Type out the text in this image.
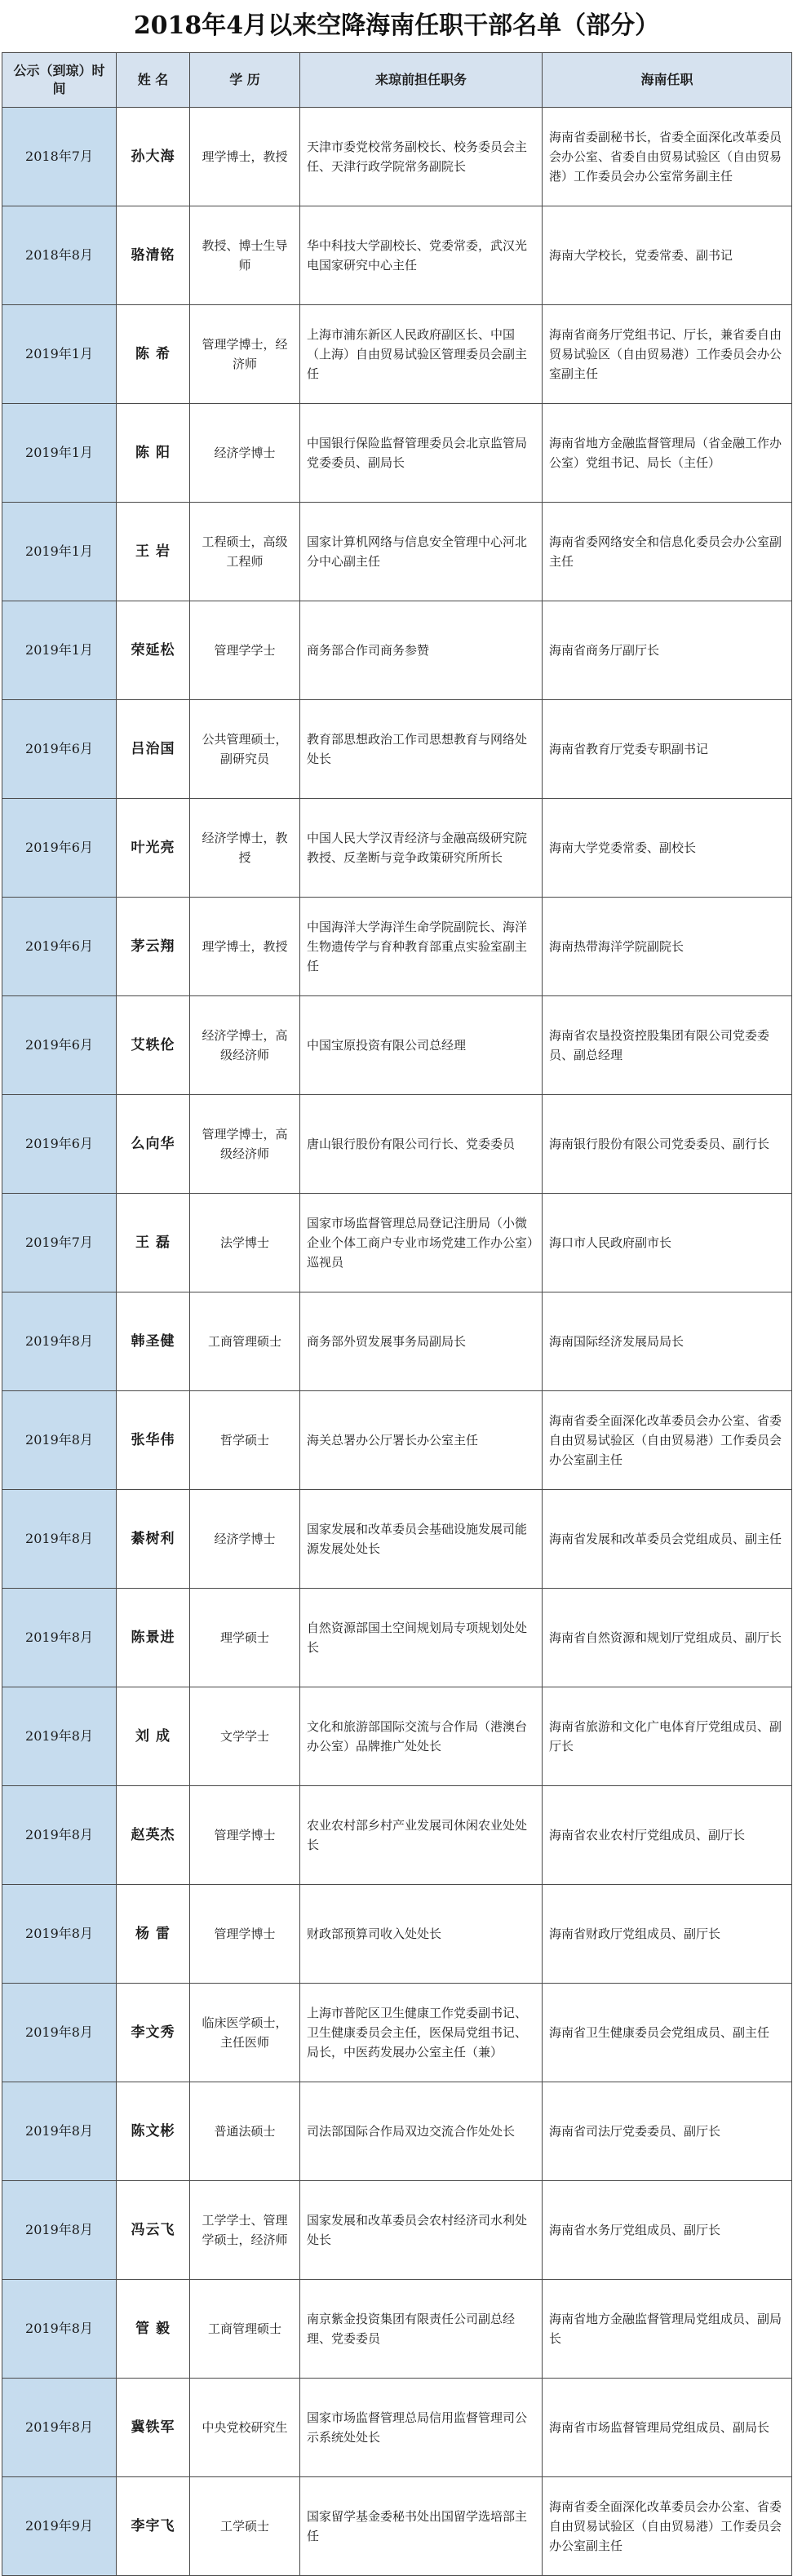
2018年4月以来空降海南任职干部名单（部分）
公示（到琼）时 间	姓 名	学 历	来琼前担任职务	海南任职
2018年7月	孙大海	理学博士，教授	天津市委党校常务副校长、校务委员会主任、天津行政学院常务副院长	海南省委副秘书长，省委全面深化改革委员会办公室、省委自由贸易试验区（自由贸易港）工作委员会办公室常务副主任
2018年8月	骆清铭	教授、博士生导师	华中科技大学副校长、党委常委，武汉光电国家研究中心主任	海南大学校长，党委常委、副书记
2019年1月	陈 希	管理学博士，经济师	上海市浦东新区人民政府副区长、中国（上海）自由贸易试验区管理委员会副主任	海南省商务厅党组书记、厅长，兼省委自由贸易试验区（自由贸易港）工作委员会办公室副主任
2019年1月	陈 阳	经济学博士	中国银行保险监督管理委员会北京监管局党委委员、副局长	海南省地方金融监督管理局（省金融工作办公室）党组书记、局长（主任）
2019年1月	王 岩	工程硕士，高级工程师	国家计算机网络与信息安全管理中心河北分中心副主任	海南省委网络安全和信息化委员会办公室副主任
2019年1月	荣延松	管理学学士	商务部合作司商务参赞	海南省商务厅副厅长
2019年6月	吕治国	公共管理硕士，副研究员	教育部思想政治工作司思想教育与网络处处长	海南省教育厅党委专职副书记
2019年6月	叶光亮	经济学博士，教授	中国人民大学汉青经济与金融高级研究院教授、反垄断与竞争政策研究所所长	海南大学党委常委、副校长
2019年6月	茅云翔	理学博士，教授	中国海洋大学海洋生命学院副院长、海洋生物遗传学与育种教育部重点实验室副主任	海南热带海洋学院副院长
2019年6月	艾轶伦	经济学博士，高级经济师	中国宝原投资有限公司总经理	海南省农垦投资控股集团有限公司党委委员、副总经理
2019年6月	么向华	管理学博士，高级经济师	唐山银行股份有限公司行长、党委委员	海南银行股份有限公司党委委员、副行长
2019年7月	王 磊	法学博士	国家市场监督管理总局登记注册局（小微企业个体工商户专业市场党建工作办公室）巡视员	海口市人民政府副市长
2019年8月	韩圣健	工商管理硕士	商务部外贸发展事务局副局长	海南国际经济发展局局长
2019年8月	张华伟	哲学硕士	海关总署办公厅署长办公室主任	海南省委全面深化改革委员会办公室、省委自由贸易试验区（自由贸易港）工作委员会办公室副主任
2019年8月	綦树利	经济学博士	国家发展和改革委员会基础设施发展司能源发展处处长	海南省发展和改革委员会党组成员、副主任
2019年8月	陈景进	理学硕士	自然资源部国土空间规划局专项规划处处长	海南省自然资源和规划厅党组成员、副厅长
2019年8月	刘 成	文学学士	文化和旅游部国际交流与合作局（港澳台办公室）品牌推广处处长	海南省旅游和文化广电体育厅党组成员、副厅长
2019年8月	赵英杰	管理学博士	农业农村部乡村产业发展司休闲农业处处长	海南省农业农村厅党组成员、副厅长
2019年8月	杨 雷	管理学博士	财政部预算司收入处处长	海南省财政厅党组成员、副厅长
2019年8月	李文秀	临床医学硕士，主任医师	上海市普陀区卫生健康工作党委副书记、卫生健康委员会主任，医保局党组书记、局长，中医药发展办公室主任（兼）	海南省卫生健康委员会党组成员、副主任
2019年8月	陈文彬	普通法硕士	司法部国际合作局双边交流合作处处长	海南省司法厅党委委员、副厅长
2019年8月	冯云飞	工学学士、管理学硕士，经济师	国家发展和改革委员会农村经济司水利处处长	海南省水务厅党组成员、副厅长
2019年8月	管 毅	工商管理硕士	南京紫金投资集团有限责任公司副总经理、党委委员	海南省地方金融监督管理局党组成员、副局长
2019年8月	冀铁军	中央党校研究生	国家市场监督管理总局信用监督管理司公示系统处处长	海南省市场监督管理局党组成员、副局长
2019年9月	李宇飞	工学硕士	国家留学基金委秘书处出国留学选培部主任	海南省委全面深化改革委员会办公室、省委自由贸易试验区（自由贸易港）工作委员会办公室副主任
